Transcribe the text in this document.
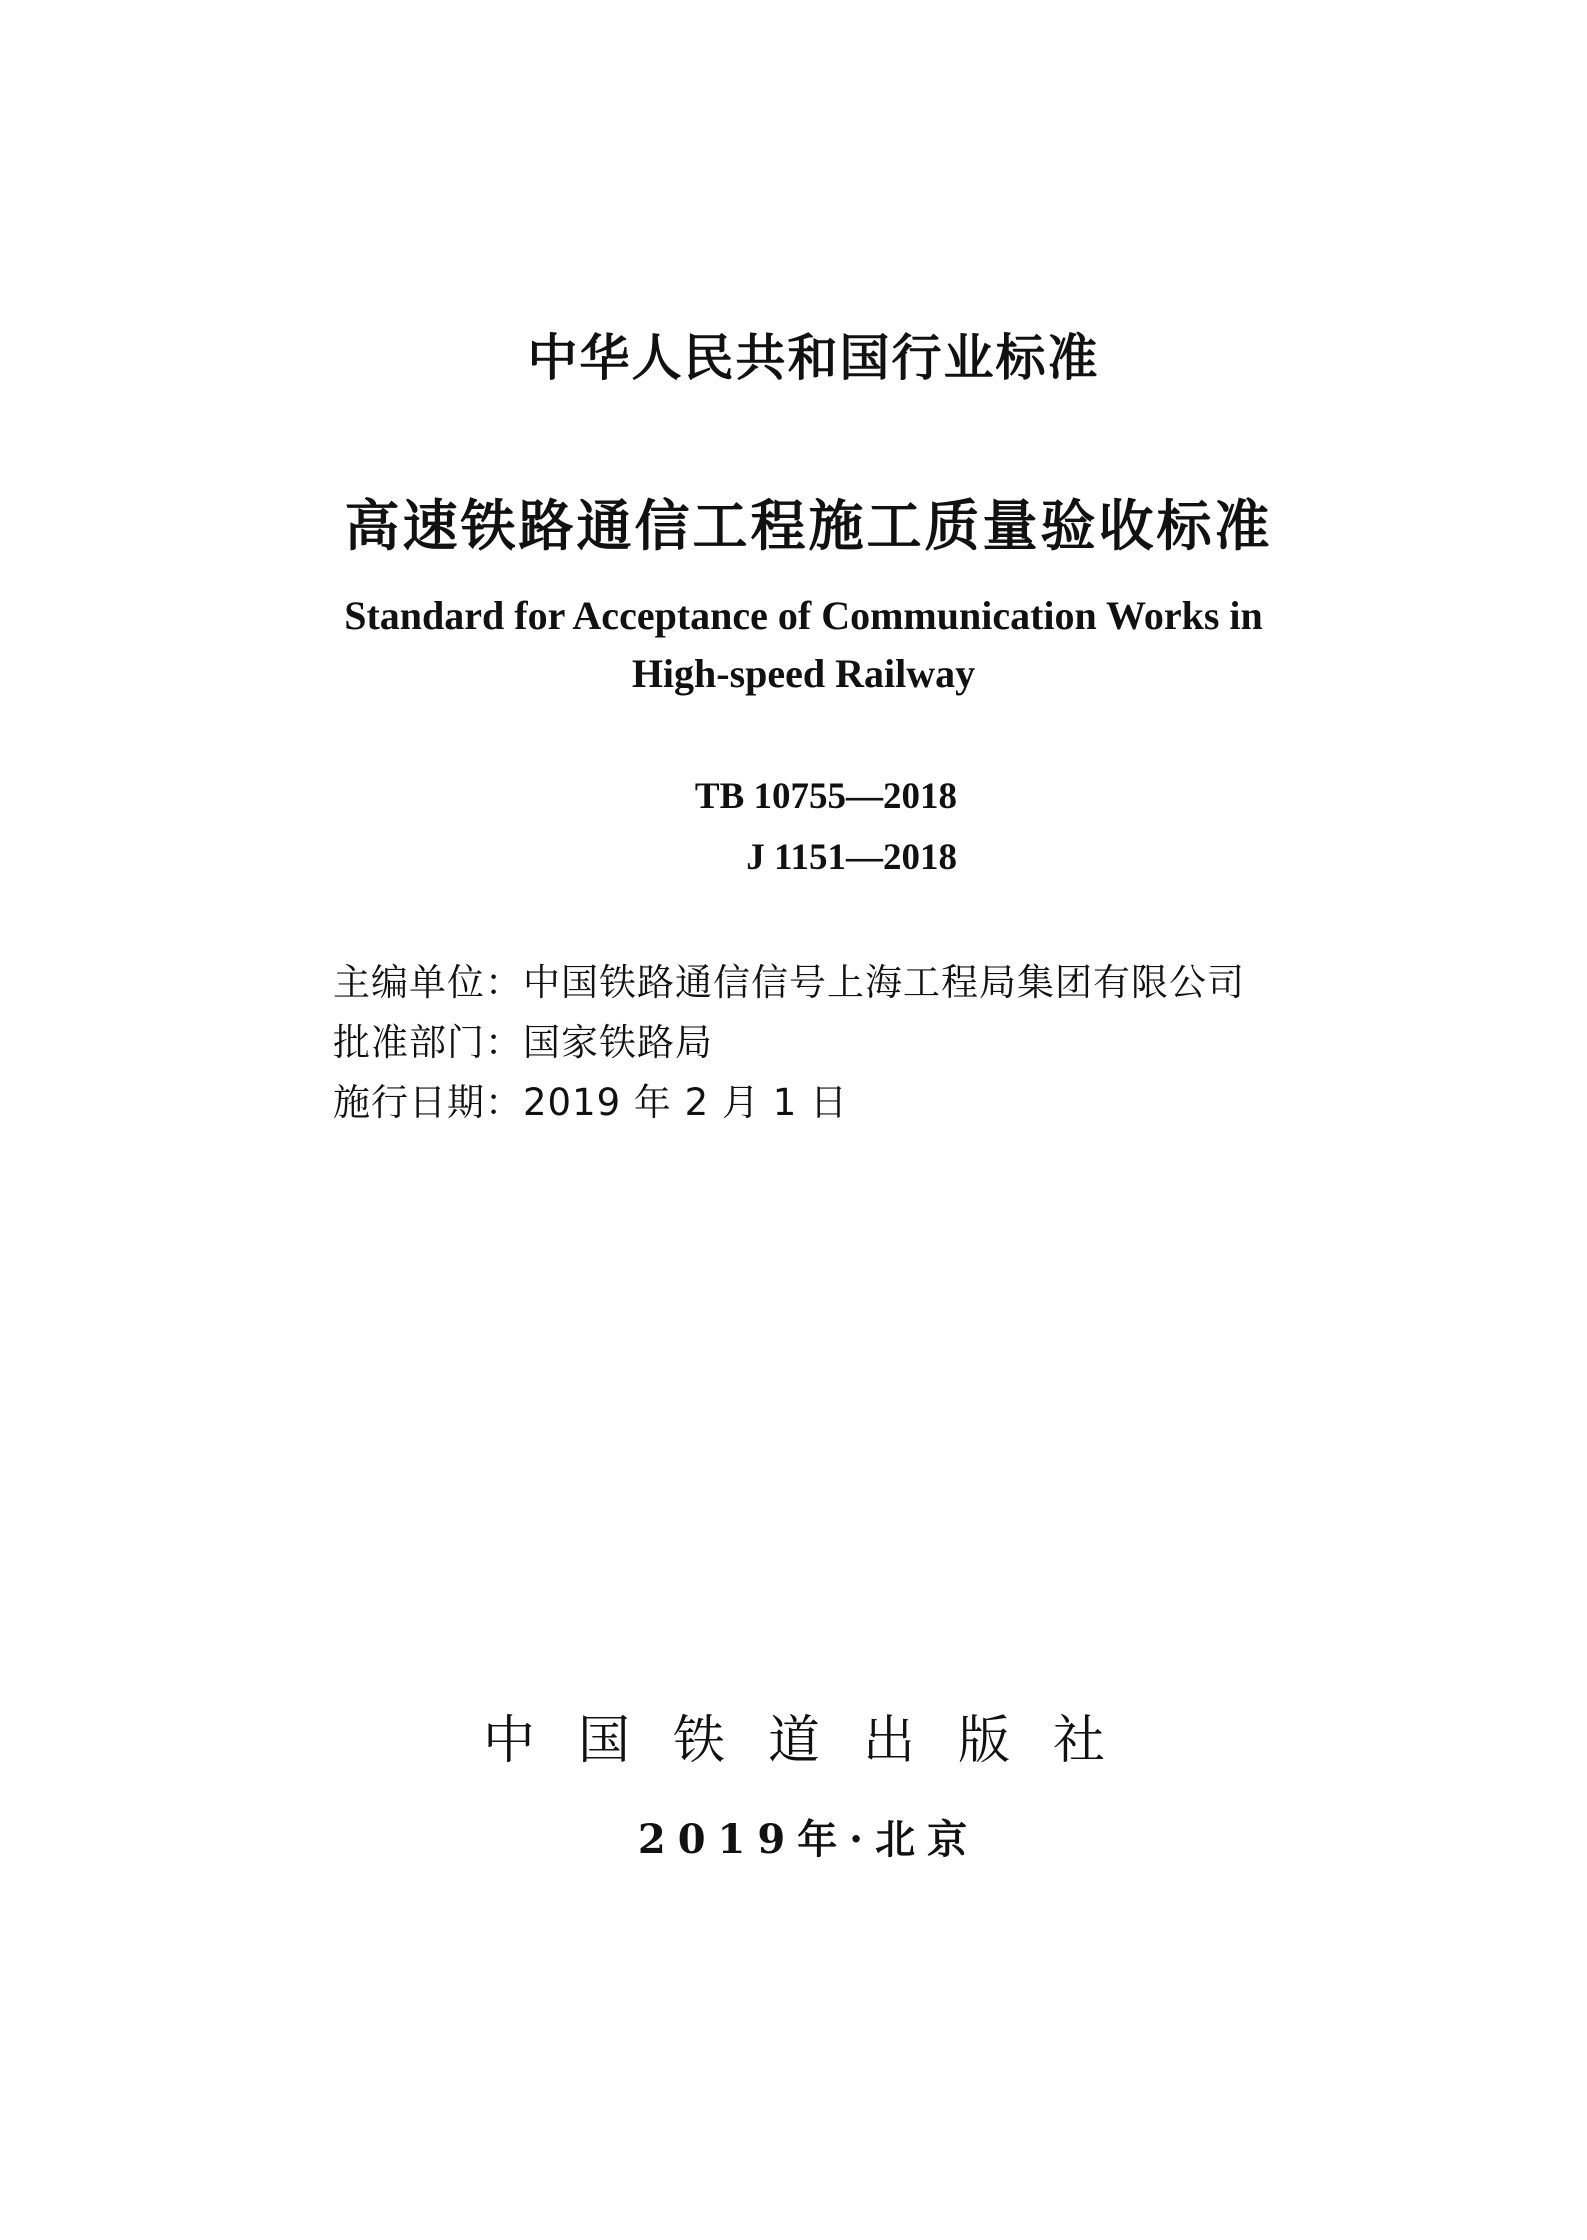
中华人民共和国行业标准
高速铁路通信工程施工质量验收标准
Standard for Acceptance of Communication Works in
High-speed Railway
TB 10755—2018
J 1151—2018
主编单位： 中国铁路通信信号上海工程局集团有限公司
批准部门： 国家铁路局
施行日期： 2019 年 2 月 1 日
中国铁道出版社
2019年·北京
